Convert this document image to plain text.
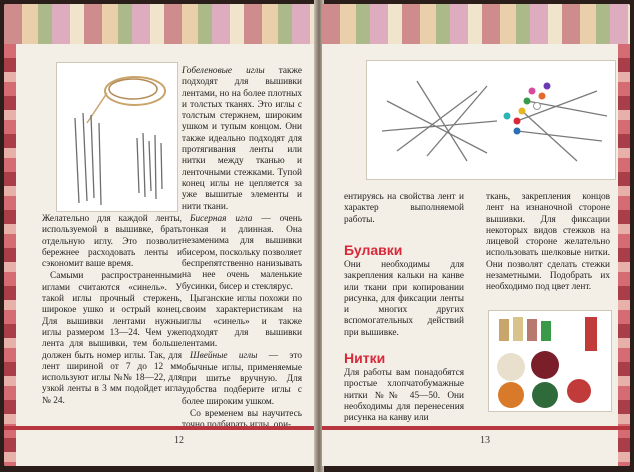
Желательно для каждой ленты, используемой в вышивке, брать отдельную иглу. Это позволит бережнее расходовать ленты и сэкономит ваше время.

Самыми распространенными иглами считаются «синель». У такой иглы прочный стержень, широкое ушко и острый конец. Для вышивки лентами нужны иглы размером 13—24. Чем уже лента для вышивки, тем больше должен быть номер иглы. Так, для лент шириной от 7 до 12 мм используют иглы №№ 18—22, для узкой ленты в 3 мм подойдет игла № 24.

Гобеленовые иглы также подходят для вышивки лентами, но на более плотных и толстых тканях. Это иглы с толстым стержнем, широким ушком и тупым концом. Они также идеально подходят для протягивания ленты или нитки между тканью и ленточными стежками. Тупой конец иглы не цепляется за уже вышитые элементы и нити ткани.

Бисерная игла — очень тонкая и длинная. Она незаменима для вышивки бисером, поскольку позволяет беспрепятственно нанизывать на нее очень маленькие бусинки, бисер и стеклярус.

Цыганские иглы похожи по своим характеристикам на иглы «синель» и также подходят для вышивки лентами.

Швейные иглы — это обычные иглы, применяемые при шитье вручную. Для удобства подберите иглы с более широким ушком.

Со временем вы научитесь

12
ентируясь на свойства лент и характер выполняемой работы.
Булавки
Они необходимы для закрепления кальки на канве или ткани при копировании рисунка, для фиксации ленты и многих других вспомогательных действий при вышивке.
Нитки
Для работы вам понадобятся простые хлопчатобумажные нитки №№ 45—50. Они необходимы для перенесения рисунка на канву или
ткань, закрепления концов лент на изнаночной стороне вышивки. Для фиксации некоторых видов стежков на лицевой стороне желательно использовать шелковые нитки. Они позволят сделать стежки незаметными. Подобрать их необходимо под цвет лент.
13
